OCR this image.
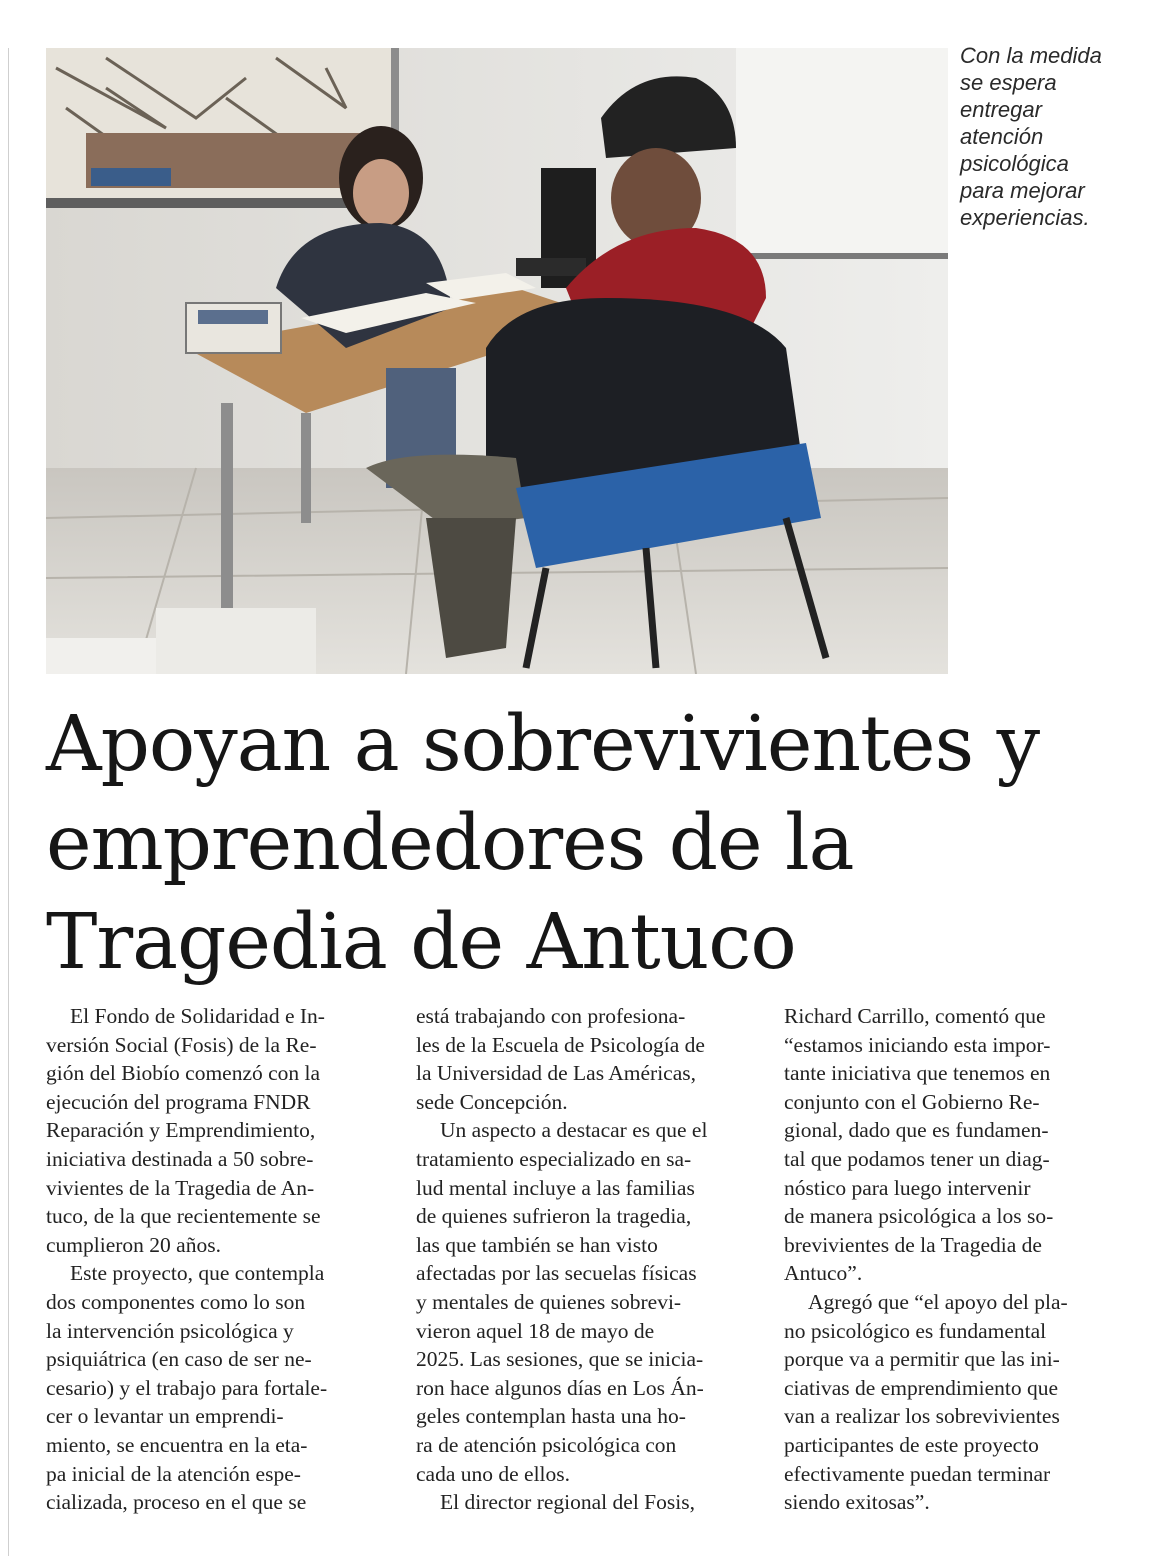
Con la medida
se espera
entregar
atención
psicológica
para mejorar
experiencias.

Apoyan a sobrevivientes y
emprendedores de la
Tragedia de Antuco

El Fondo de Solidaridad e In-

versión Social (Fosis) de la Re-
gión del Biobío comenzó con la
ejecución del programa FNDR
Reparación y Emprendimiento,
iniciativa destinada a 50 sobre-
vivientes de la Tragedia de An-
tuco, de la que recientemente se
cumplieron 20 años.

Este proyecto, que contempla

dos componentes como lo son
la intervención psicológica y
psiquiátrica (en caso de ser ne-
cesario) y el trabajo para fortale-
cer o levantar un emprendi-
miento, se encuentra en la eta-
pa inicial de la atención espe-
cializada, proceso en el que se

está trabajando con profesiona-
les de la Escuela de Psicología de
la Universidad de Las Américas,
sede Concepción.

Un aspecto a destacar es que el

tratamiento especializado en sa-
lud mental incluye a las familias
de quienes sufrieron la tragedia,
las que también se han visto
afectadas por las secuelas físicas
y mentales de quienes sobrevi-
vieron aquel 18 de mayo de
2025. Las sesiones, que se inicia-
ron hace algunos días en Los Án-
geles contemplan hasta una ho-
ra de atención psicológica con
cada uno de ellos.

El director regional del Fosis,

Richard Carrillo, comentó que
“estamos iniciando esta impor-
tante iniciativa que tenemos en
conjunto con el Gobierno Re-
gional, dado que es fundamen-
tal que podamos tener un diag-
nóstico para luego intervenir
de manera psicológica a los so-
brevivientes de la Tragedia de
Antuco”.

Agregó que “el apoyo del pla-

no psicológico es fundamental
porque va a permitir que las ini-
ciativas de emprendimiento que
van a realizar los sobrevivientes
participantes de este proyecto
efectivamente puedan terminar
siendo exitosas”.
